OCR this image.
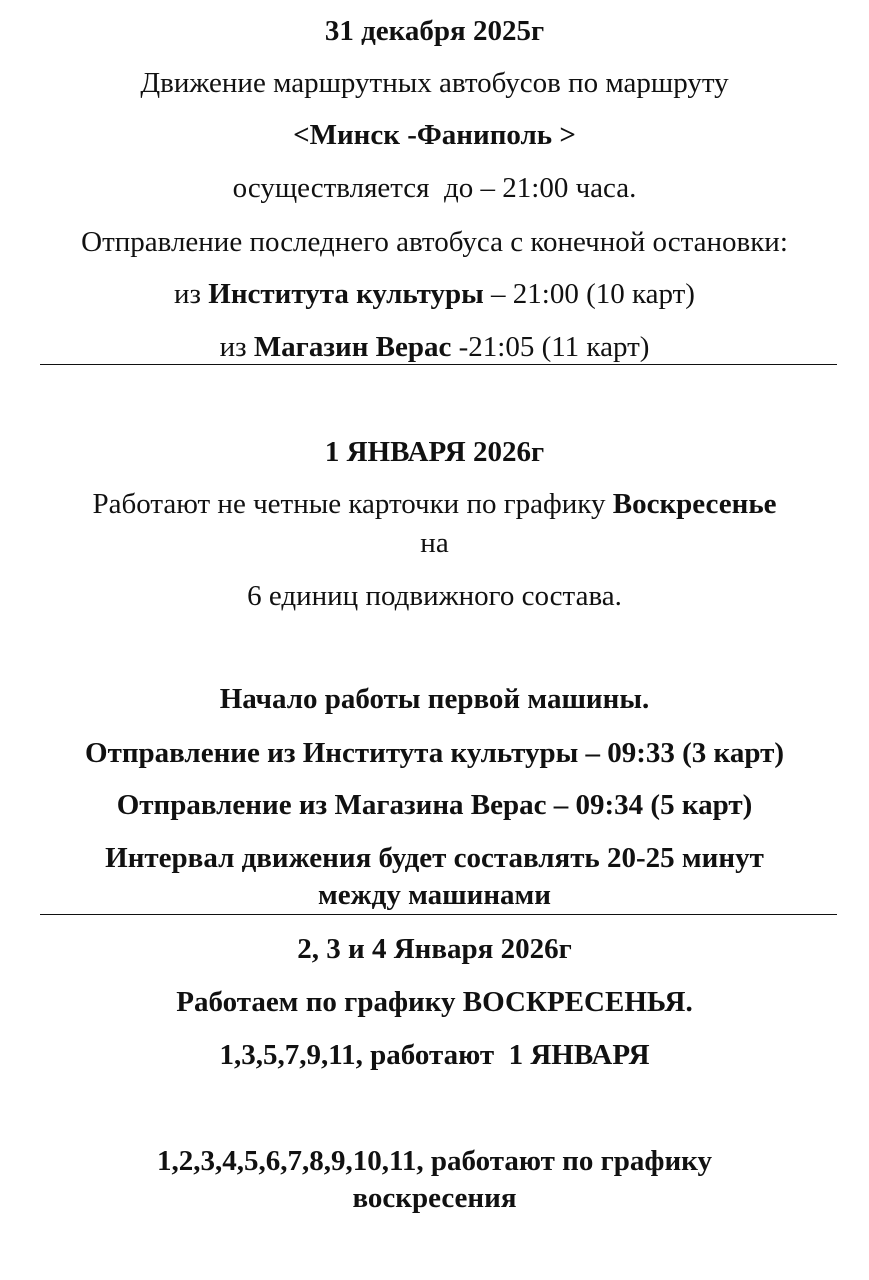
31 декабря 2025г

Движение маршрутных автобусов по маршруту

<Минск -Фаниполь >

осуществляется  до – 21:00 часа.

Отправление последнего автобуса с конечной остановки:

из Института культуры – 21:00 (10 карт)

из Магазин Верас -21:05 (11 карт)

1 ЯНВАРЯ 2026г

Работают не четные карточки по графику Воскресенье

на

6 единиц подвижного состава.

Начало работы первой машины.

Отправление из Института культуры – 09:33 (3 карт)

Отправление из Магазина Верас – 09:34 (5 карт)

Интервал движения будет составлять 20-25 минут

между машинами

2, 3 и 4 Января 2026г

Работаем по графику ВОСКРЕСЕНЬЯ.

1,3,5,7,9,11, работают  1 ЯНВАРЯ

1,2,3,4,5,6,7,8,9,10,11, работают по графику

воскресения
